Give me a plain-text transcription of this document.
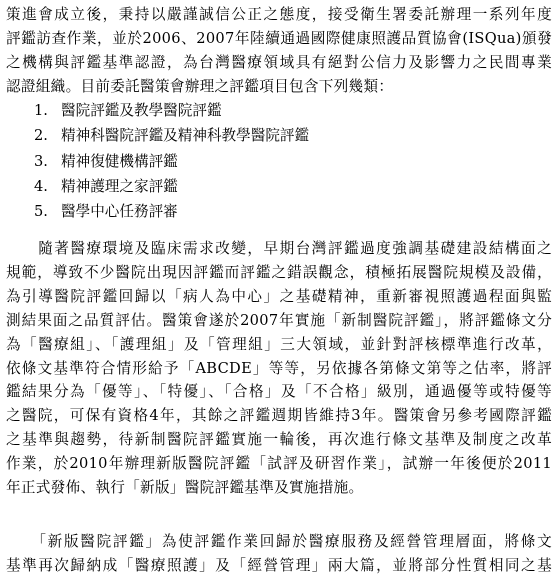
策進會成立後，秉持以嚴謹誠信公正之態度，接受衛生署委託辦理一系列年度
評鑑訪查作業，並於2006、2007年陸續通過國際健康照護品質協會(ISQua)頒發
之機構與評鑑基準認證，為台灣醫療領域具有絕對公信力及影響力之民間專業
認證組織。目前委託醫策會辦理之評鑑項目包含下列幾類：

1. 醫院評鑑及教學醫院評鑑
2. 精神科醫院評鑑及精神科教學醫院評鑑
3. 精神復健機構評鑑
4. 精神護理之家評鑑
5. 醫學中心任務評審

　　隨著醫療環境及臨床需求改變，早期台灣評鑑過度強調基礎建設結構面之
規範，導致不少醫院出現因評鑑而評鑑之錯誤觀念，積極拓展醫院規模及設備，
為引導醫院評鑑回歸以「病人為中心」之基礎精神，重新審視照護過程面與監
測結果面之品質評估。醫策會遂於2007年實施「新制醫院評鑑」，將評鑑條文分
為「醫療組」、「護理組」及「管理組」三大領域，並針對評核標準進行改革，
依條文基準符合情形給予「ABCDE」等等，另依據各第條文第等之估率，將評
鑑結果分為「優等」、「特優」、「合格」及「不合格」級別，通過優等或特優等
之醫院，可保有資格4年，其餘之評鑑週期皆維持3年。醫策會另參考國際評鑑
之基準與趨勢，待新制醫院評鑑實施一輪後，再次進行條文基準及制度之改革
作業，於2010年辦理新版醫院評鑑「試評及研習作業」，試辦一年後便於2011
年正式發佈、執行「新版」醫院評鑑基準及實施措施。

　　「新版醫院評鑑」為使評鑑作業回歸於醫療服務及經營管理層面，將條文
基準再次歸納成「醫療照護」及「經營管理」兩大篇，並將部分性質相同之基
